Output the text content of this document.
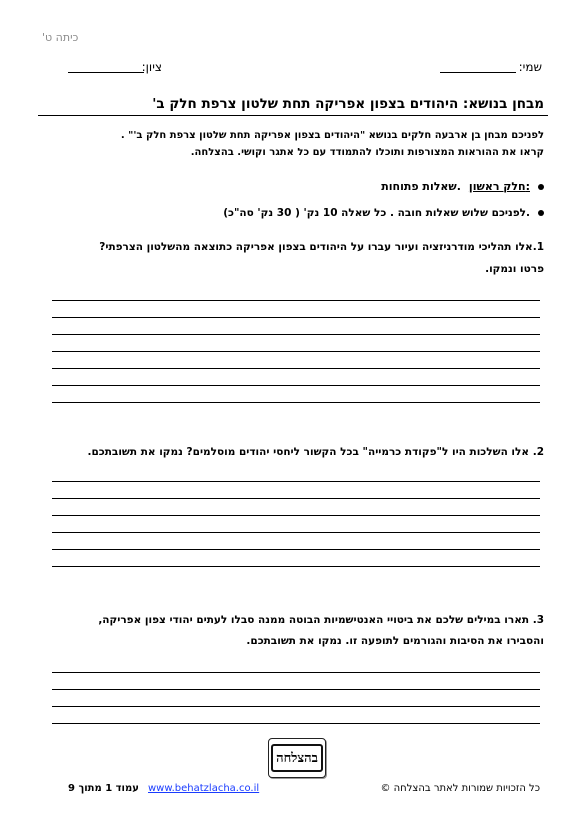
כיתה ט'
שמי:
ציון:
מבחן בנושא: היהודים בצפון אפריקה תחת שלטון צרפת חלק ב'
לפניכם מבחן בן ארבעה חלקים בנושא "היהודים בצפון אפריקה תחת שלטון צרפת חלק ב'" .
קראו את ההוראות המצורפות ותוכלו להתמודד עם כל אתגר וקושי. בהצלחה.
חלק ראשון:
שאלות פתוחות.
לפניכם שלוש שאלות חובה . כל שאלה 10 נק' ( 30 נק' סה"כ).
1.אלו תהליכי מודרניזציה ועיור עברו על היהודים בצפון אפריקה כתוצאה מהשלטון הצרפתי?
פרטו ונמקו.
2. אלו השלכות היו ל"פקודת כרמייה" בכל הקשור ליחסי יהודים מוסלמים? נמקו את תשובתכם.
3. תארו במילים שלכם את ביטויי האנטישמיות הבוטה ממנה סבלו לעתים יהודי צפון אפריקה,
והסבירו את הסיבות והגורמים לתופעה זו. נמקו את תשובתכם.
בהצלחה
כל הזכויות שמורות לאתר בהצלחה ©
www.behatzlacha.co.il
עמוד 1 מתוך 9
